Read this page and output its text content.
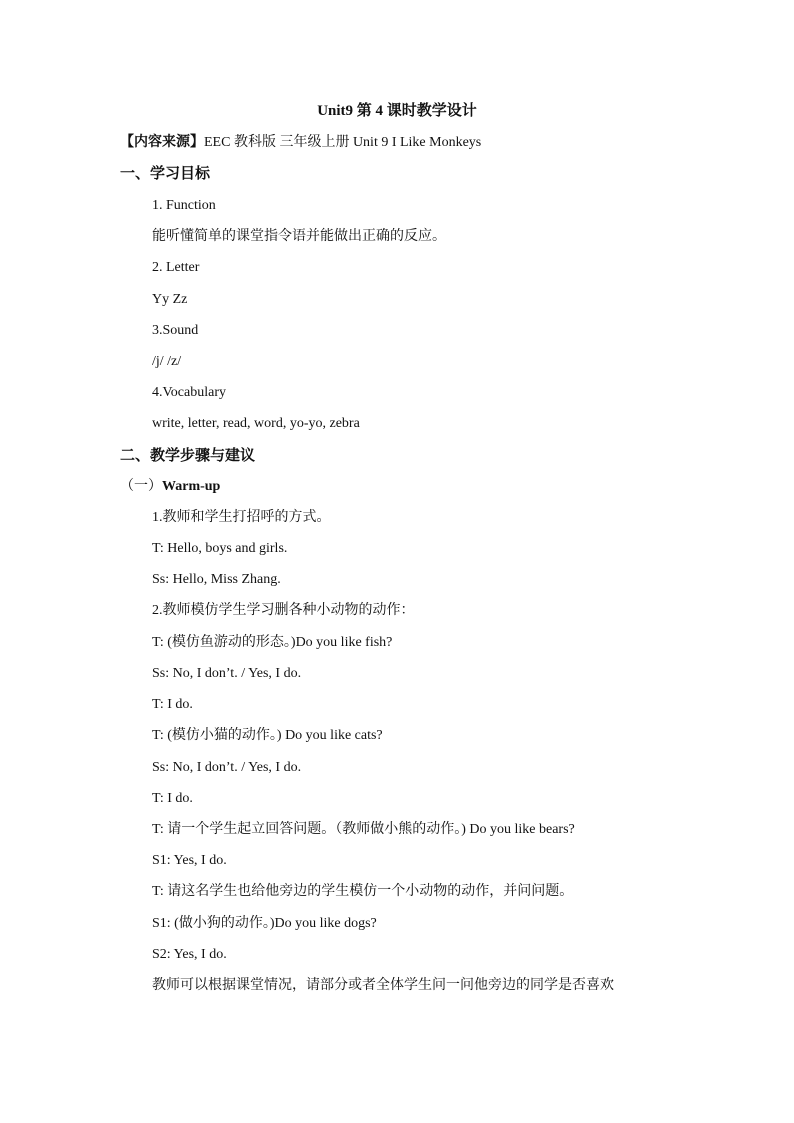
Unit9 第 4 课时教学设计
【内容来源】EEC 教科版 三年级上册 Unit 9 I Like Monkeys
一、学习目标
1. Function
能听懂简单的课堂指令语并能做出正确的反应。
2. Letter
Yy Zz
3.Sound
/j/ /z/
4.Vocabulary
write, letter, read, word, yo-yo, zebra
二、教学步骤与建议
（一）Warm-up
1.教师和学生打招呼的方式。
T: Hello, boys and girls.
Ss: Hello, Miss Zhang.
2.教师模仿学生学习删各种小动物的动作：
T: (模仿鱼游动的形态。)Do you like fish?
Ss: No, I don’t. / Yes, I do.
T: I do.
T: (模仿小猫的动作。) Do you like cats?
Ss: No, I don’t. / Yes, I do.
T: I do.
T: 请一个学生起立回答问题。（教师做小熊的动作。) Do you like bears?
S1: Yes, I do.
T: 请这名学生也给他旁边的学生模仿一个小动物的动作，并问问题。
S1: (做小狗的动作。)Do you like dogs?
S2: Yes, I do.
教师可以根据课堂情况，请部分或者全体学生问一问他旁边的同学是否喜欢
